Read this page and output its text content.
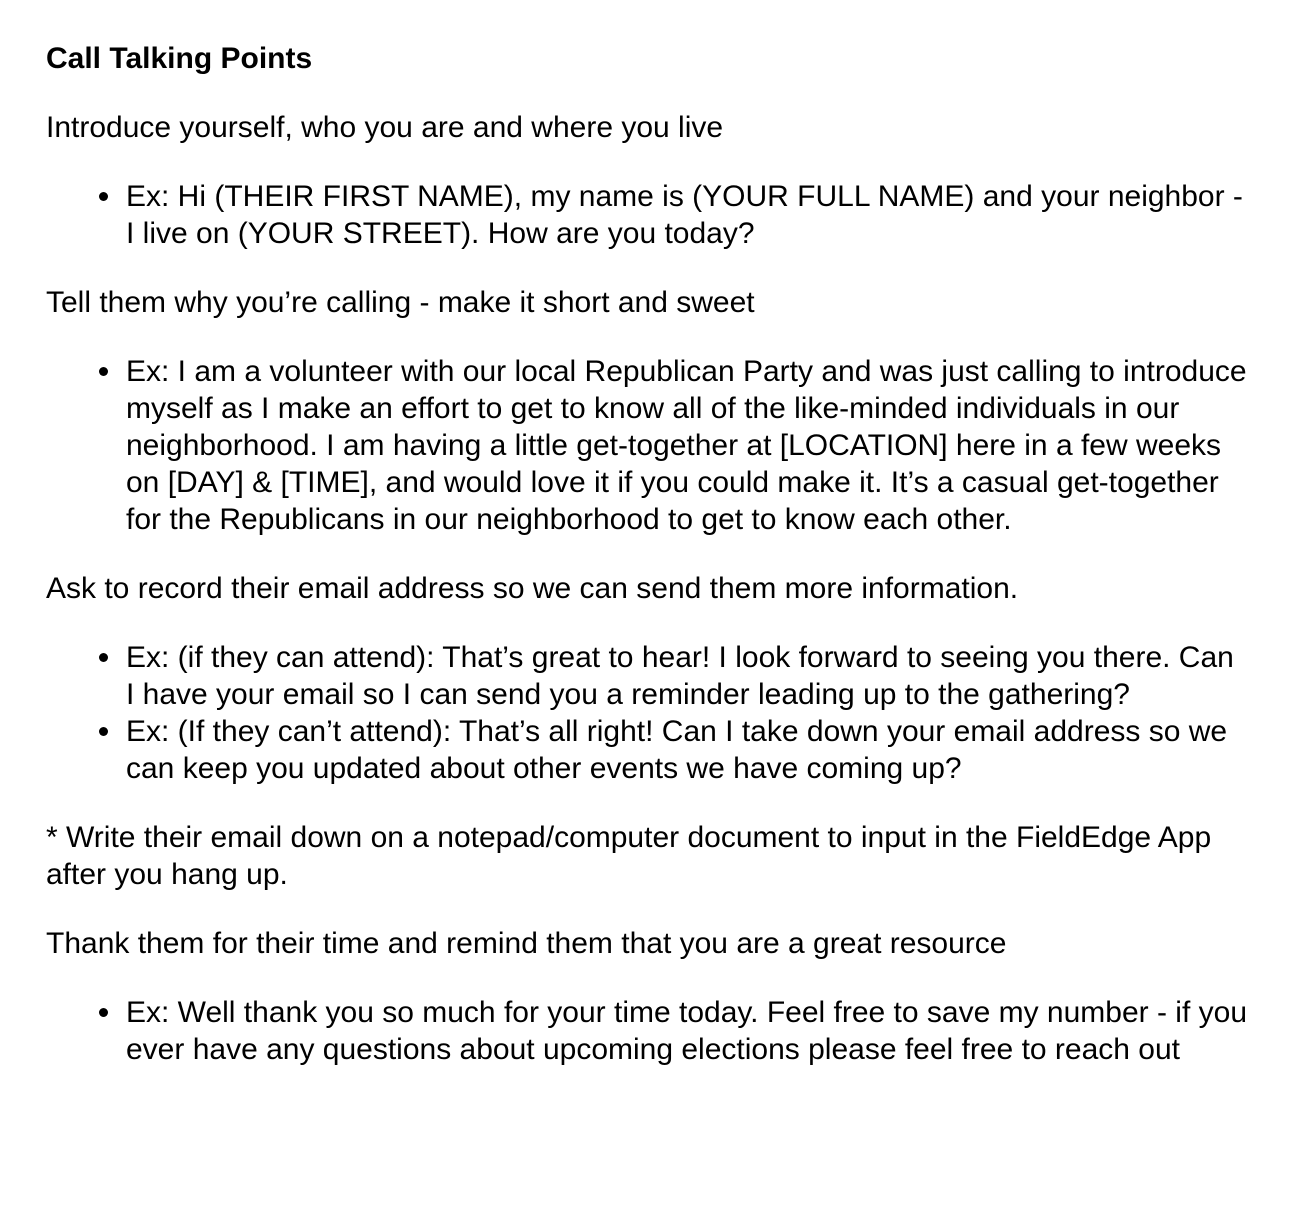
Call Talking Points
Introduce yourself, who you are and where you live
Ex: Hi (THEIR FIRST NAME), my name is (YOUR FULL NAME) and your neighbor - I live on (YOUR STREET). How are you today?
Tell them why you’re calling - make it short and sweet
Ex: I am a volunteer with our local Republican Party and was just calling to introduce myself as I make an effort to get to know all of the like-minded individuals in our neighborhood. I am having a little get-together at [LOCATION] here in a few weeks on [DAY] & [TIME], and would love it if you could make it. It’s a casual get-together for the Republicans in our neighborhood to get to know each other.
Ask to record their email address so we can send them more information.
Ex: (if they can attend): That’s great to hear! I look forward to seeing you there. Can I have your email so I can send you a reminder leading up to the gathering?
Ex: (If they can’t attend): That’s all right! Can I take down your email address so we can keep you updated about other events we have coming up?
* Write their email down on a notepad/computer document to input in the FieldEdge App after you hang up.
Thank them for their time and remind them that you are a great resource
Ex: Well thank you so much for your time today. Feel free to save my number - if you ever have any questions about upcoming elections please feel free to reach out
